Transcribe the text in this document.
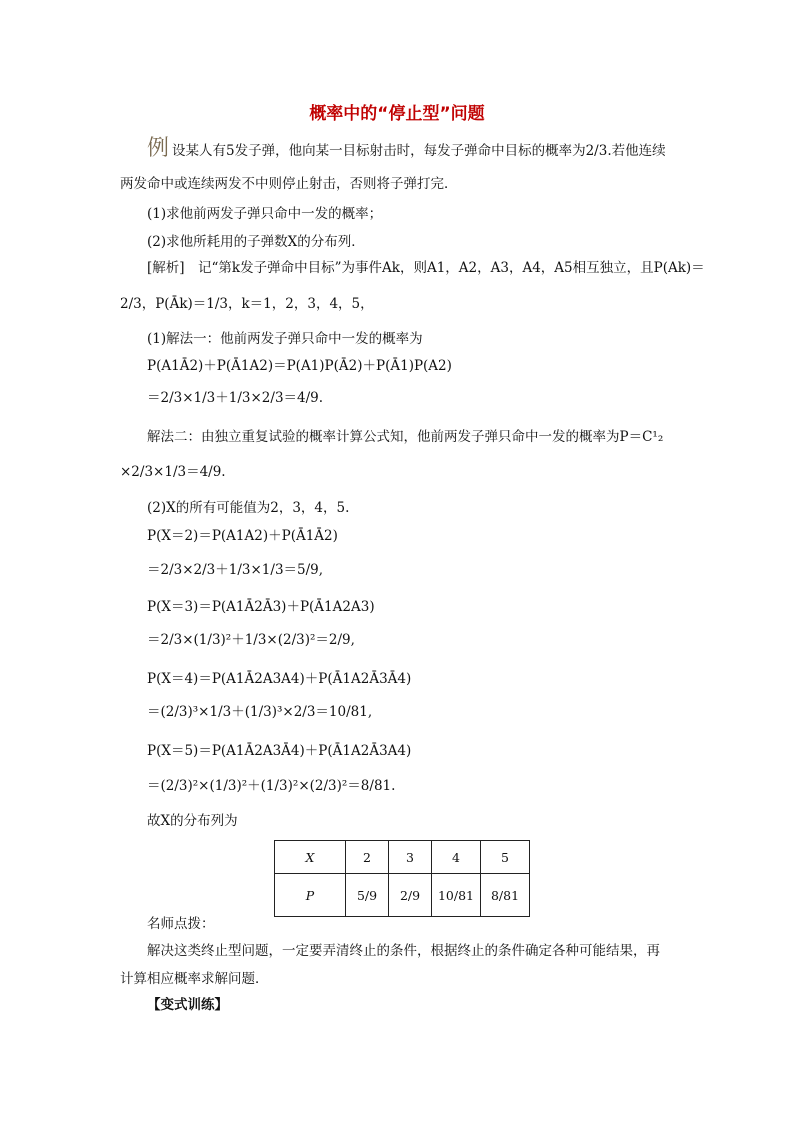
概率中的“停止型”问题
例 设某人有5发子弹，他向某一目标射击时，每发子弹命中目标的概率为2/3.若他连续
两发命中或连续两发不中则停止射击，否则将子弹打完．
(1)求他前两发子弹只命中一发的概率；
(2)求他所耗用的子弹数X的分布列．
[解析]　记“第k发子弹命中目标”为事件Ak，则A1，A2，A3，A4，A5相互独立，且P(Ak)＝
2/3，P(Āk)＝1/3，k＝1，2，3，4，5，
(1)解法一：他前两发子弹只命中一发的概率为
P(A1Ā2)＋P(Ā1A2)＝P(A1)P(Ā2)＋P(Ā1)P(A2)
＝2/3×1/3＋1/3×2/3＝4/9.
解法二：由独立重复试验的概率计算公式知，他前两发子弹只命中一发的概率为P＝C¹₂
×2/3×1/3＝4/9.
(2)X的所有可能值为2，3，4，5.
P(X＝2)＝P(A1A2)＋P(Ā1Ā2)
＝2/3×2/3＋1/3×1/3＝5/9,
P(X＝3)＝P(A1Ā2Ā3)＋P(Ā1A2A3)
＝2/3×(1/3)²＋1/3×(2/3)²＝2/9,
P(X＝4)＝P(A1Ā2A3A4)＋P(Ā1A2Ā3Ā4)
＝(2/3)³×1/3＋(1/3)³×2/3＝10/81,
P(X＝5)＝P(A1Ā2A3Ā4)＋P(Ā1A2Ā3A4)
＝(2/3)²×(1/3)²＋(1/3)²×(2/3)²＝8/81.
故X的分布列为
X	2	3	4	5
P	5/9	2/9	10/81	8/81
名师点拨：
解决这类终止型问题，一定要弄清终止的条件，根据终止的条件确定各种可能结果，再
计算相应概率求解问题．
【变式训练】
